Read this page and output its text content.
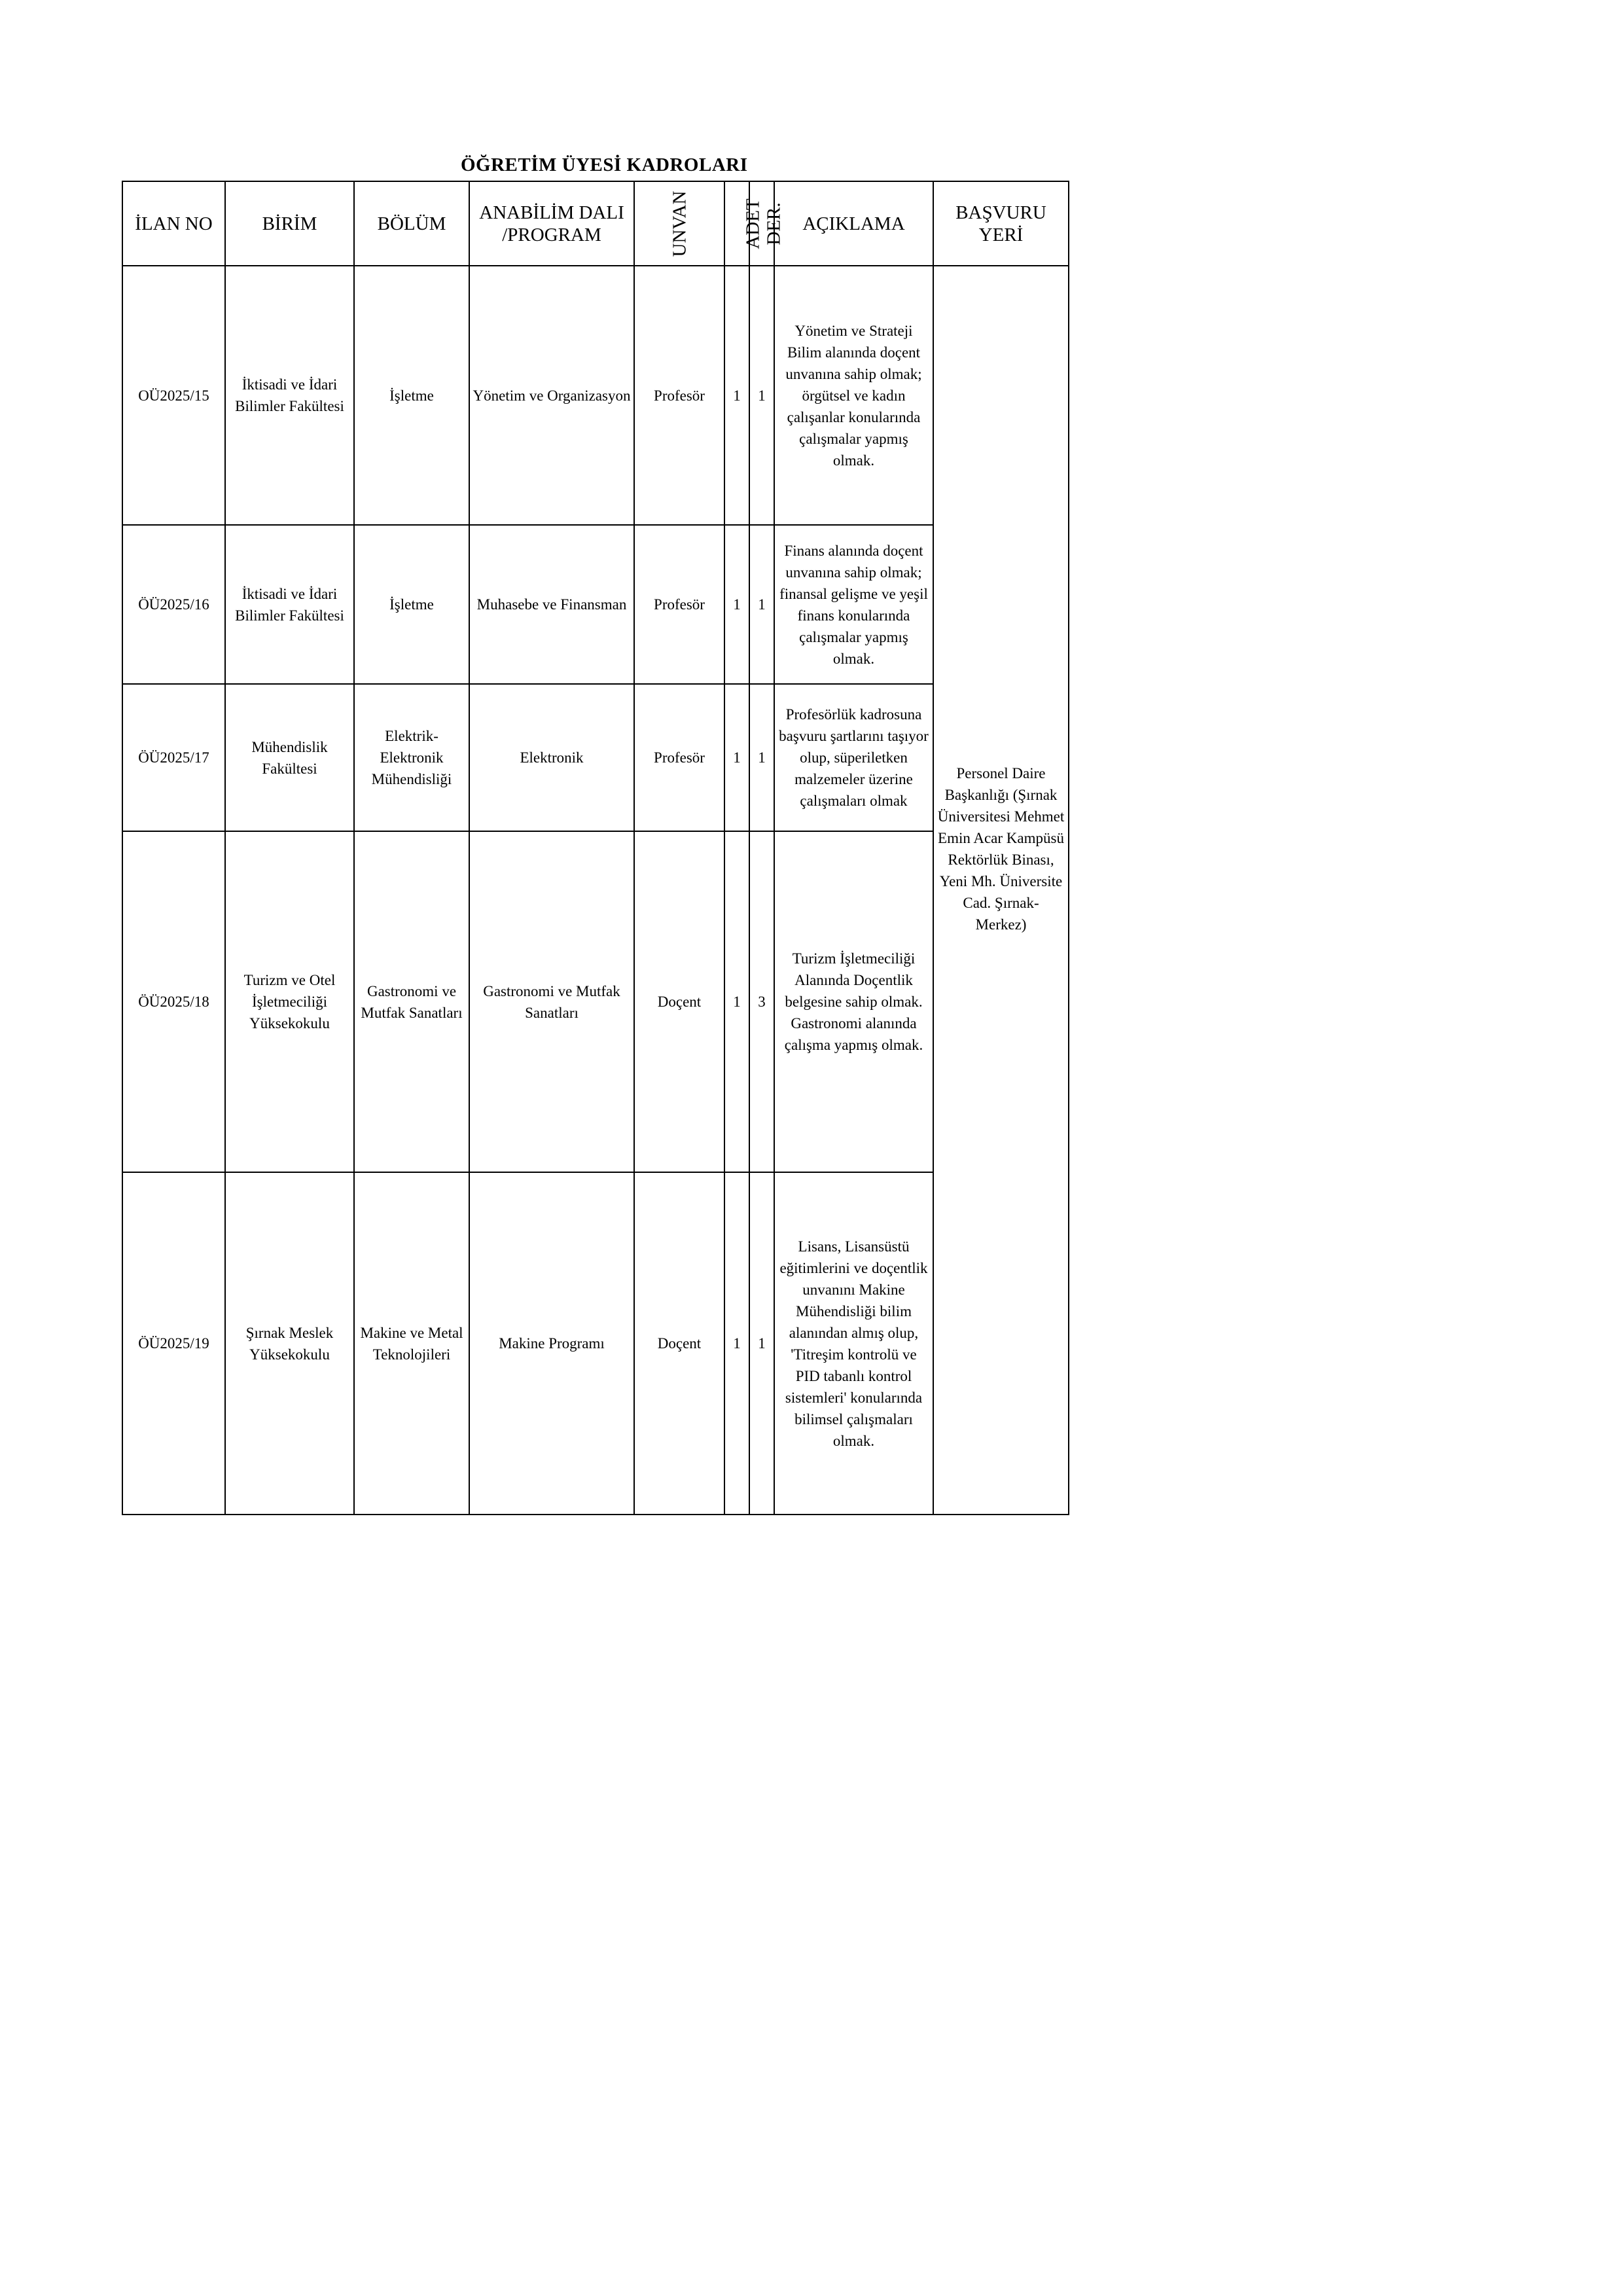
ÖĞRETİM ÜYESİ KADROLARI
İLAN NO	BİRİM	BÖLÜM	ANABİLİM DALI /PROGRAM	UNVAN	ADET	DER.	AÇIKLAMA	BAŞVURU YERİ
OÜ2025/15	İktisadi ve İdari Bilimler Fakültesi	İşletme	Yönetim ve Organizasyon	Profesör	1	1	Yönetim ve Strateji Bilim alanında doçent unvanına sahip olmak; örgütsel ve kadın çalışanlar konularında çalışmalar yapmış olmak.	
ÖÜ2025/16	İktisadi ve İdari Bilimler Fakültesi	İşletme	Muhasebe ve Finansman	Profesör	1	1	Finans alanında doçent unvanına sahip olmak; finansal gelişme ve yeşil finans konularında çalışmalar yapmış olmak.	Personel Daire Başkanlığı (Şırnak Üniversitesi Mehmet Emin Acar Kampüsü Rektörlük Binası, Yeni Mh. Üniversite Cad. Şırnak- Merkez)
ÖÜ2025/17	Mühendislik Fakültesi	Elektrik-Elektronik Mühendisliği	Elektronik	Profesör	1	1	Profesörlük kadrosuna başvuru şartlarını taşıyor olup, süperiletken malzemeler üzerine çalışmaları olmak	
ÖÜ2025/18	Turizm ve Otel İşletmeciliği Yüksekokulu	Gastronomi ve Mutfak Sanatları	Gastronomi ve Mutfak Sanatları	Doçent	1	3	Turizm İşletmeciliği Alanında Doçentlik belgesine sahip olmak. Gastronomi alanında çalışma yapmış olmak.	
ÖÜ2025/19	Şırnak Meslek Yüksekokulu	Makine ve Metal Teknolojileri	Makine Programı	Doçent	1	1	Lisans, Lisansüstü eğitimlerini ve doçentlik unvanını Makine Mühendisliği bilim alanından almış olup, 'Titreşim kontrolü ve PID tabanlı kontrol sistemleri' konularında bilimsel çalışmaları olmak.	
